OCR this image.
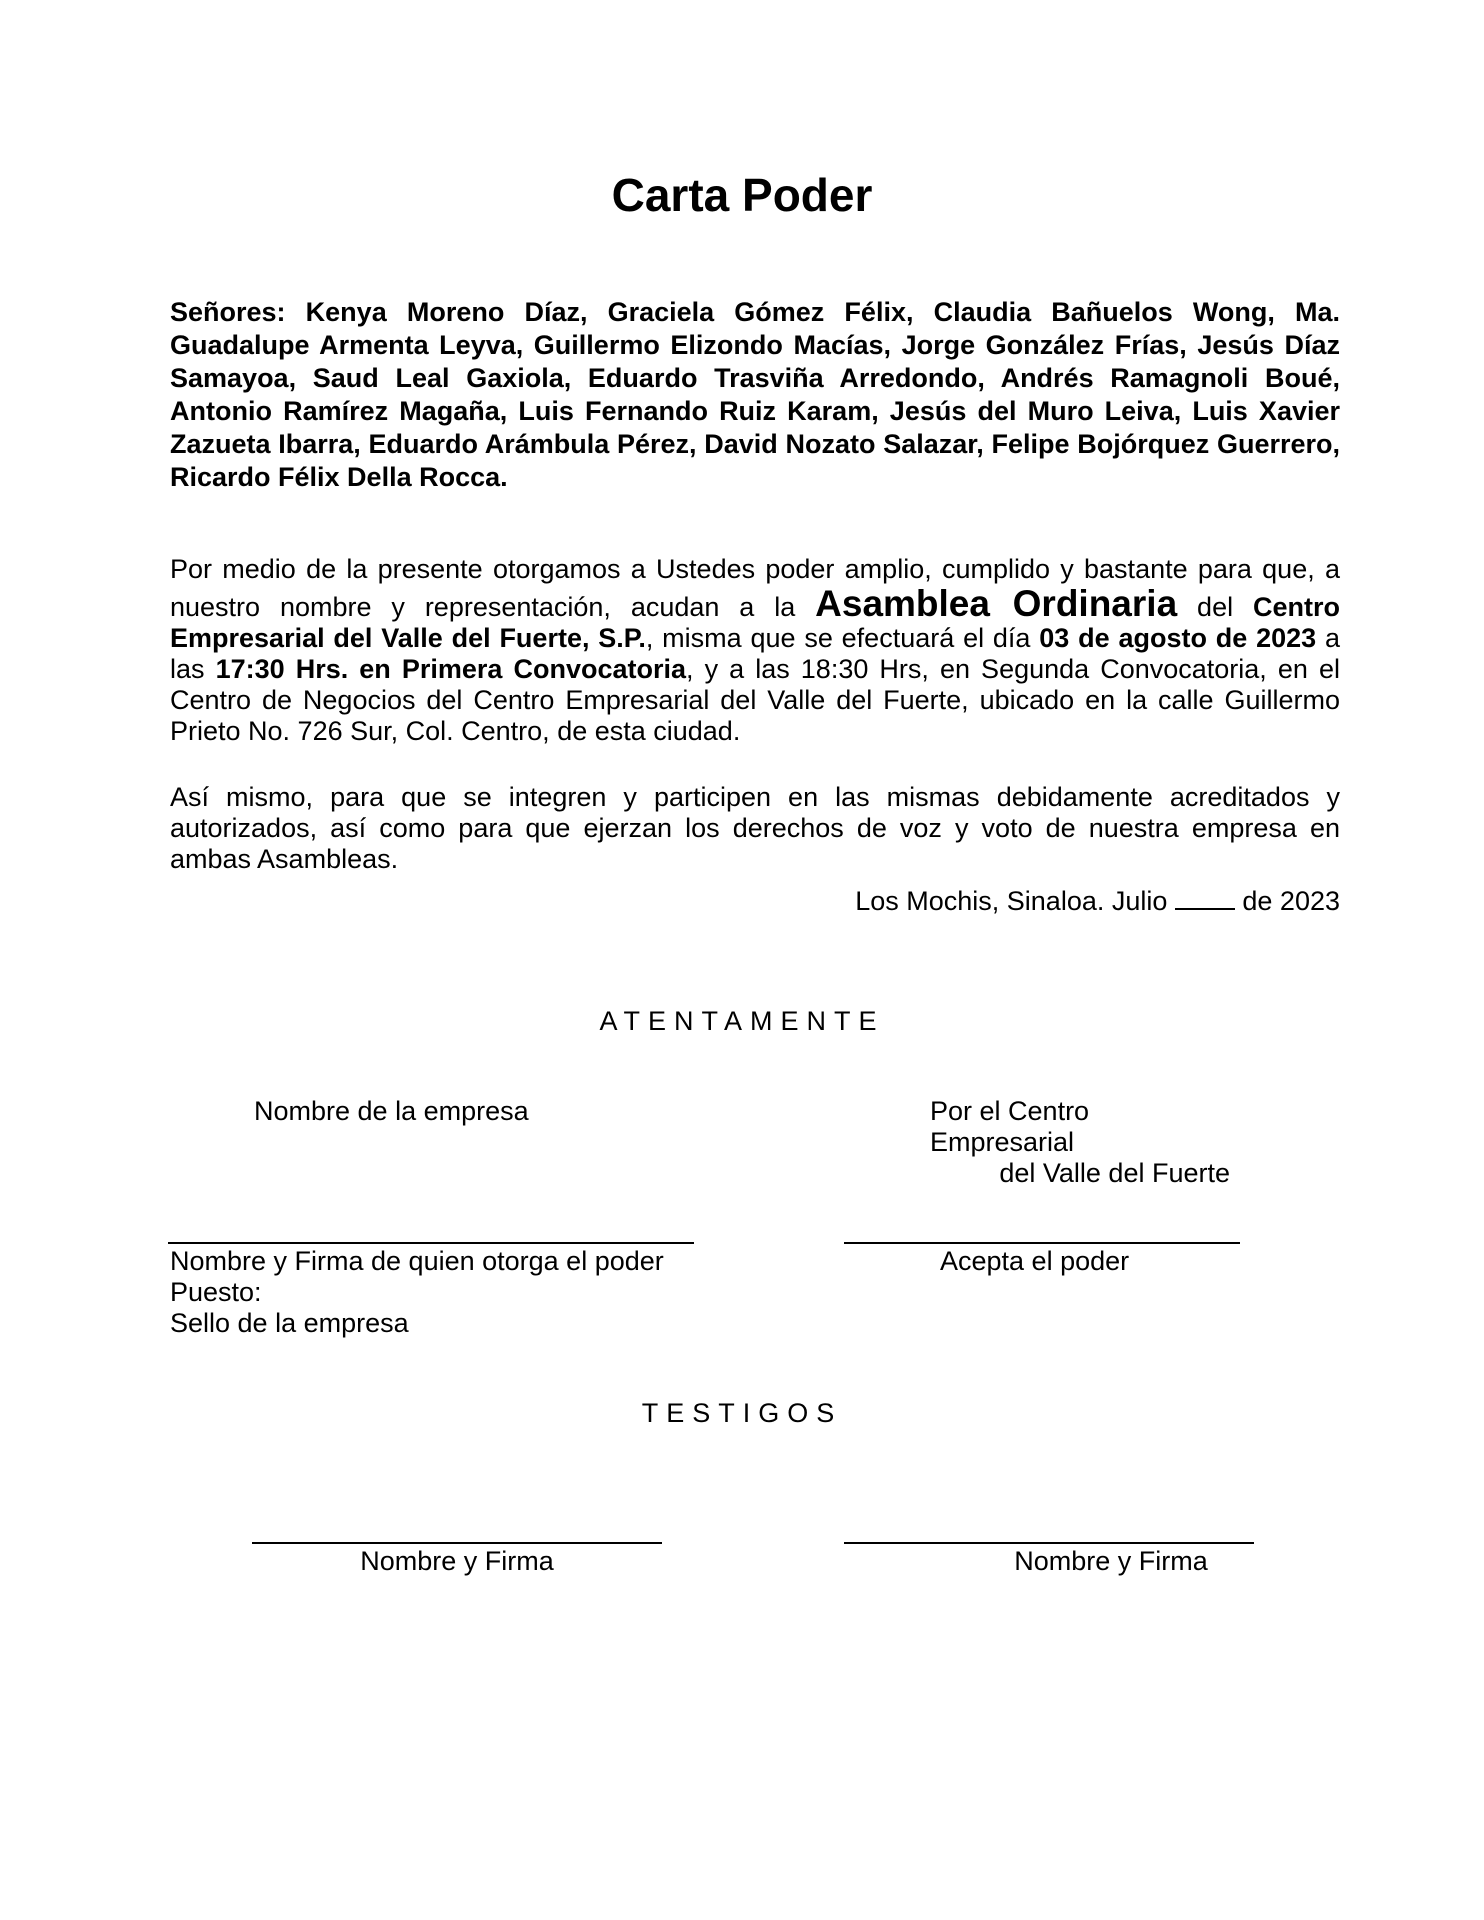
Carta Poder
Señores: Kenya Moreno Díaz, Graciela Gómez Félix, Claudia Bañuelos Wong, Ma. Guadalupe Armenta Leyva, Guillermo Elizondo Macías, Jorge González Frías, Jesús Díaz Samayoa, Saud Leal Gaxiola, Eduardo Trasviña Arredondo, Andrés Ramagnoli Boué, Antonio Ramírez Magaña, Luis Fernando Ruiz Karam, Jesús del Muro Leiva, Luis Xavier Zazueta Ibarra, Eduardo Arámbula Pérez, David Nozato Salazar, Felipe Bojórquez Guerrero, Ricardo Félix Della Rocca.
Por medio de la presente otorgamos a Ustedes poder amplio, cumplido y bastante para que, a nuestro nombre y representación, acudan a la Asamblea Ordinaria del Centro Empresarial del Valle del Fuerte, S.P., misma que se efectuará el día 03 de agosto de 2023 a las 17:30 Hrs. en Primera Convocatoria, y a las 18:30 Hrs, en Segunda Convocatoria, en el Centro de Negocios del Centro Empresarial del Valle del Fuerte, ubicado en la calle Guillermo Prieto No. 726 Sur, Col. Centro, de esta ciudad.
Así mismo, para que se integren y participen en las mismas debidamente acreditados y autorizados, así como para que ejerzan los derechos de voz y voto de nuestra empresa en ambas Asambleas.
Los Mochis, Sinaloa. Julio  de 2023
ATENTAMENTE
Nombre de la empresa	Por el Centro Empresarial
del Valle del Fuerte
Nombre y Firma de quien otorga el poder
Puesto:
Sello de la empresa
Acepta el poder
TESTIGOS
Nombre y Firma	Nombre y Firma
